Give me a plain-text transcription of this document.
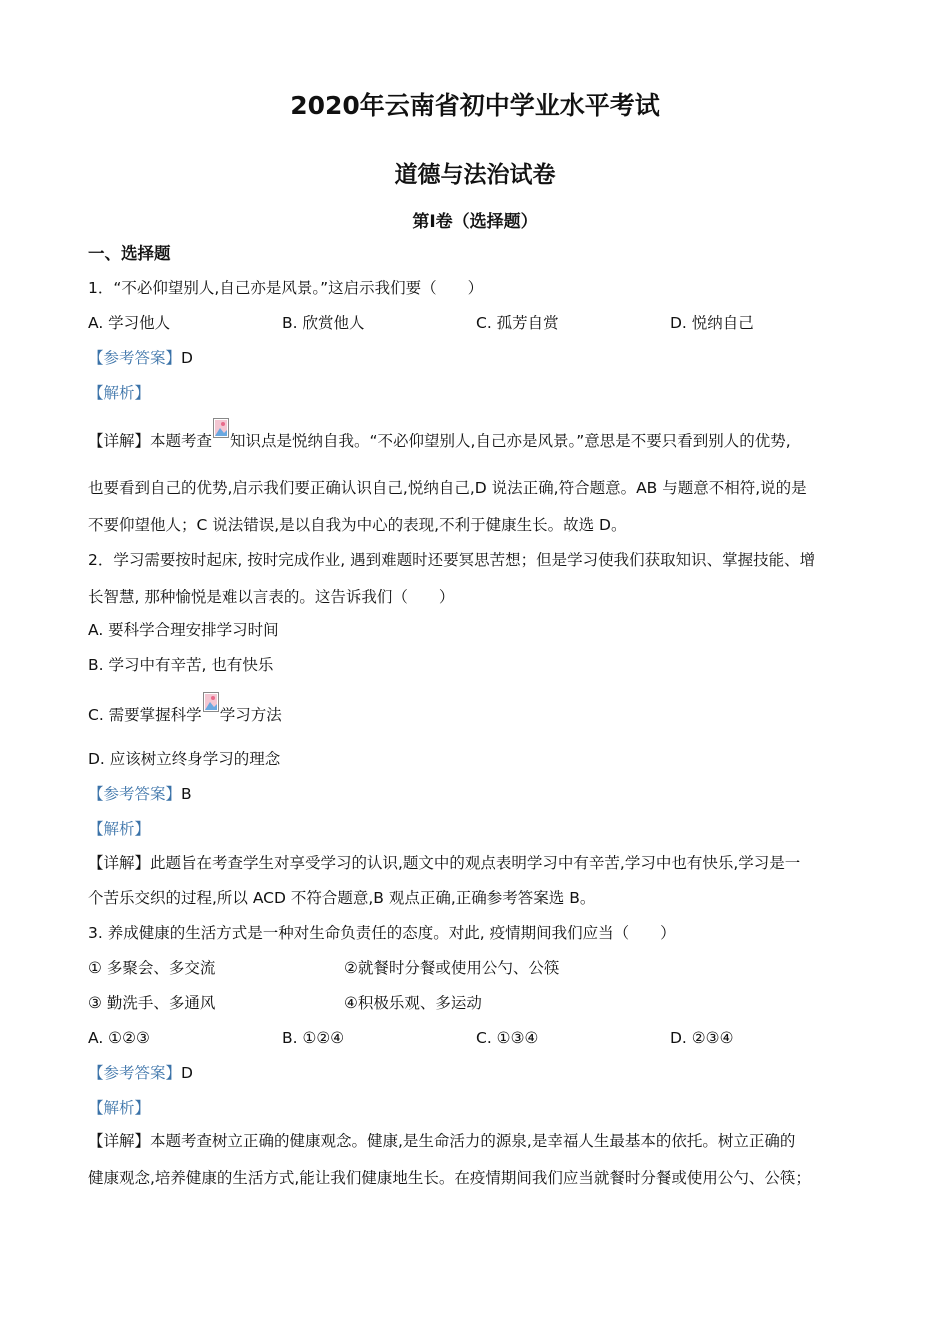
2020年云南省初中学业水平考试
道德与法治试卷
第Ⅰ卷（选择题）
一、选择题
1．“不必仰望别人,自己亦是风景。”这启示我们要（　　）
A. 学习他人	B. 欣赏他人	C. 孤芳自赏	D. 悦纳自己
【参考答案】D
【解析】
【详解】本题考查 知识点是悦纳自我。“不必仰望别人,自己亦是风景。”意思是不要只看到别人的优势,
也要看到自己的优势,启示我们要正确认识自己,悦纳自己,D 说法正确,符合题意。AB 与题意不相符,说的是
不要仰望他人；C 说法错误,是以自我为中心的表现,不利于健康生长。故选 D。
2．学习需要按时起床, 按时完成作业, 遇到难题时还要冥思苦想；但是学习使我们获取知识、掌握技能、增
长智慧, 那种愉悦是难以言表的。这告诉我们（　　）
A. 要科学合理安排学习时间
B. 学习中有辛苦, 也有快乐
C. 需要掌握科学 学习方法
D. 应该树立终身学习的理念
【参考答案】B
【解析】
【详解】此题旨在考查学生对享受学习的认识,题文中的观点表明学习中有辛苦,学习中也有快乐,学习是一
个苦乐交织的过程,所以 ACD 不符合题意,B 观点正确,正确参考答案选 B。
3. 养成健康的生活方式是一种对生命负责任的态度。对此, 疫情期间我们应当（　　）
① 多聚会、多交流	②就餐时分餐或使用公勺、公筷
③ 勤洗手、多通风	④积极乐观、多运动
A. ①②③	B. ①②④	C. ①③④	D. ②③④
【参考答案】D
【解析】
【详解】本题考查树立正确的健康观念。健康,是生命活力的源泉,是幸福人生最基本的依托。树立正确的
健康观念,培养健康的生活方式,能让我们健康地生长。在疫情期间我们应当就餐时分餐或使用公勺、公筷；
